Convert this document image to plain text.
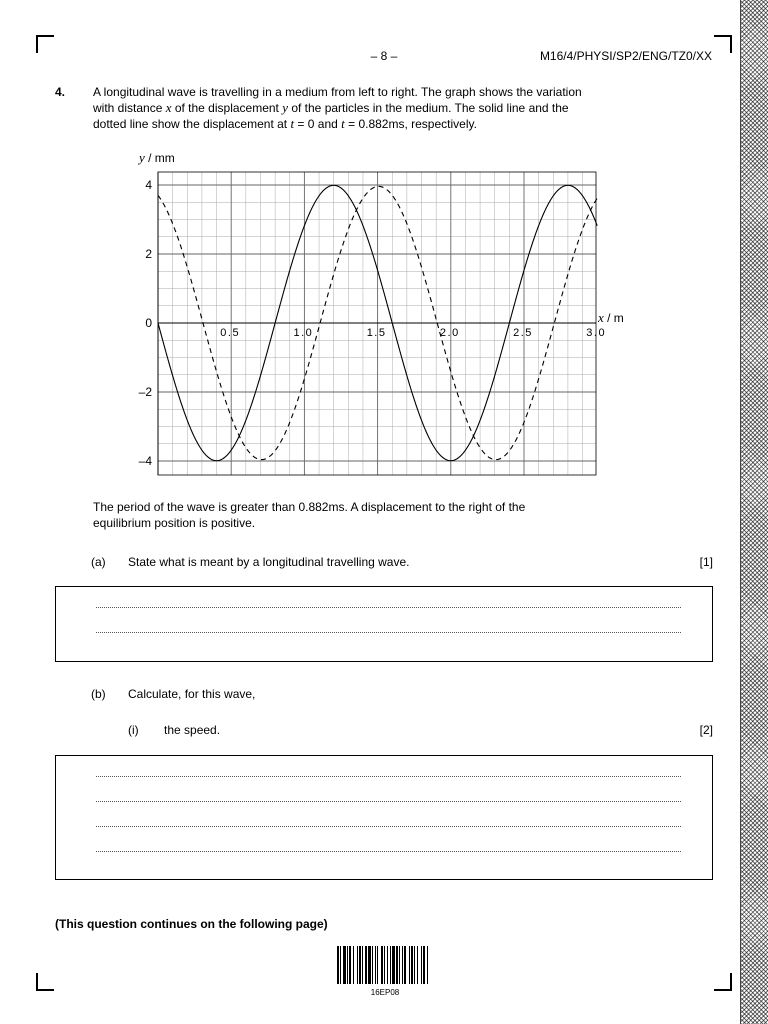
– 8 –	M16/4/PHYSI/SP2/ENG/TZ0/XX
4. A longitudinal wave is travelling in a medium from left to right. The graph shows the variation
with distance x of the displacement y of the particles in the medium. The solid line and the
dotted line show the displacement at t = 0 and t = 0.882ms, respectively.
0.5	1.0	1.5	2.0	2.5	3.0
4
2
0
–2
–4
y / mm
x / m
The period of the wave is greater than 0.882ms. A displacement to the right of the
equilibrium position is positive.
(a) State what is meant by a longitudinal travelling wave.	[1]
(b) Calculate, for this wave,
(i) the speed.	[2]
(This question continues on the following page)
16EP08
